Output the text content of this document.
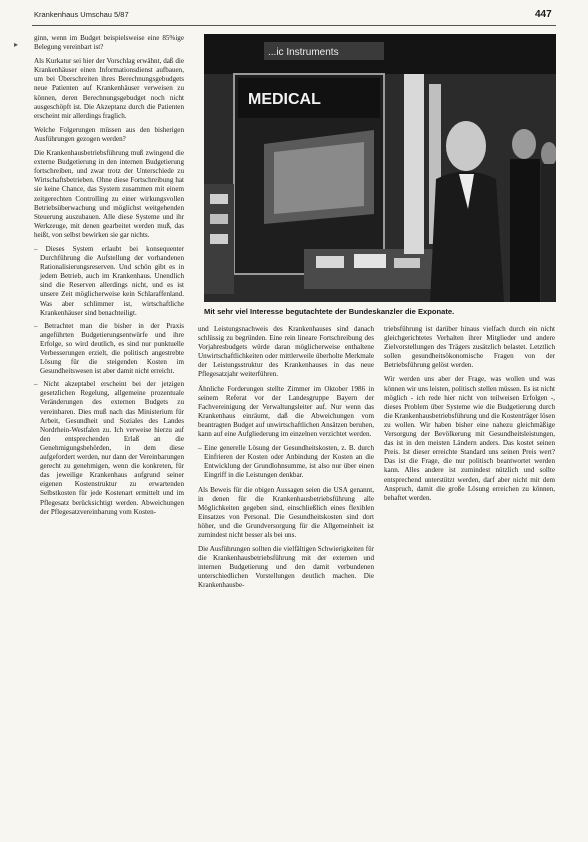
▸
Krankenhaus Umschau 5/87	447

ginn, wenn im Budget beispielsweise eine 85%ige Belegung vereinbart ist?

Als Kurkatur sei hier der Vorschlag erwähnt, daß die Krankenhäuser einen Informationsdienst aufbauen, um bei Überschreiten ihres Berechnungsgebudgets neue Patienten auf Krankenhäuser verweisen zu können, deren Berechnungsgebudget noch nicht ausgeschöpft ist. Die Akzeptanz durch die Patienten erscheint mir allerdings fraglich.

Welche Folgerungen müssen aus den bisherigen Ausführungen gezogen werden?

Die Krankenhausbetriebsführung muß zwingend die externe Budgetierung in den internen Budgetierung fortschreiben, und zwar trotz der Unterschiede zu Wirtschaftsbetrieben. Ohne diese Fortschreibung hat sie keine Chance, das System zusammen mit einem zeitgerechten Controlling zu einer wirkungsvollen Betriebsüberwachung und möglichst weitgehenden Steuerung auszubauen. Alle diese Systeme und ihr Werkzeuge, mit denen gearbeitet werden muß, das heißt, von selbst bewirken sie gar nichts.

– Dieses System erlaubt bei konsequenter Durchführung die Aufstellung der vorhandenen Rationalisierungsreserven. Und schön gibt es in jedem Betrieb, auch im Krankenhaus. Unendlich sind die Reserven allerdings nicht, und es ist unsere Zeit möglicherweise kein Schlaraffenland. Was aber schlimmer ist, wirtschaftliche Krankenhäuser sind benachteiligt.
– Betrachtet man die bisher in der Praxis angeführten Budgetierungsentwürfe und ihre Erfolge, so wird deutlich, es sind nur punktuelle Verbesserungen erzielt, die politisch angestrebte Lösung für die steigenden Kosten im Gesundheitswesen ist aber damit nicht erreicht.
– Nicht akzeptabel erscheint bei der jetzigen gesetzlichen Regelung, allgemeine prozentuale Veränderungen des externen Budgets zu vereinbaren. Dies muß nach das Ministerium für Arbeit, Gesundheit und Soziales des Landes Nordrhein-Westfalen zu. Ich verweise hierzu auf den entsprechenden Erlaß an die Genehmigungsbehörden, in dem diese aufgefordert werden, nur dann der Vereinbarungen gerecht zu genehmigen, wenn die konkreten, für das jeweilige Krankenhaus aufgrund seiner eigenen Kostenstruktur zu erwartenden Selbstkosten für jede Kostenart ermittelt und im Pflegesatz berücksichtigt werden. Abweichungen der Pflegesatzvereinbarung vom Kosten-
...ic Instruments
MEDICAL
Mit sehr viel Interesse begutachtete der Bundeskanzler die Exponate.

und Leistungsnachweis des Krankenhauses sind danach schlüssig zu begründen. Eine rein lineare Fortschreibung des Vorjahresbudgets würde daran möglicherweise enthaltene Unwirtschaftlichkeiten oder mittlerweile überholte Merkmale der Leistungsstruktur des Krankenhauses in das neue Pflegesatzjahr weiterführen.

Ähnliche Forderungen stellte Zimmer im Oktober 1986 in seinem Referat vor der Landesgruppe Bayern der Fachvereinigung der Verwaltungsleiter auf. Nur wenn das Krankenhaus einräumt, daß die Abweichungen vom beantragten Budget auf unwirtschaftlichen Ansätzen beruhen, kann auf eine Aufgliederung im einzelnen verzichtet werden.

– Eine generelle Lösung der Gesundheitskosten, z. B. durch Einfrieren der Kosten oder Anbindung der Kosten an die Entwicklung der Grundlohnsumme, ist also nur über einen Eingriff in die Leistungen denkbar.

Als Beweis für die obigen Aussagen seien die USA genannt, in denen für die Krankenhausbetriebsführung alle Möglichkeiten gegeben sind, einschließlich eines flexiblen Einsatzes von Personal. Die Gesundheitskosten sind dort höher, und die Grundversorgung für die Allgemeinheit ist zumindest nicht besser als bei uns.

Die Ausführungen sollten die vielfältigen Schwierigkeiten für die Krankenhausbetriebsführung mit der externen und internen Budgetierung und den damit verbundenen unterschiedlichen Vorstellungen deutlich machen. Die Krankenhausbe-

triebsführung ist darüber hinaus vielfach durch ein nicht gleichgerichtetes Verhalten ihrer Mitglieder und andere Zielvorstellungen des Trägers zusätzlich belastet. Letztlich sollen gesundheitsökonomische Fragen von der Betriebsführung gelöst werden.

Wir werden uns aber der Frage, was wollen und was können wir uns leisten, politisch stellen müssen. Es ist nicht möglich - ich rede hier nicht von teilweisen Erfolgen -, dieses Problem über Systeme wie die Budgetierung durch die Krankenhausbetriebsführung und die Kostenträger lösen zu wollen. Wir haben bisher eine nahezu gleichmäßige Versorgung der Bevölkerung mit Gesundheitsleistungen, das ist in den meisten Ländern anders. Das kostet seinen Preis. Ist dieser erreichte Standard uns seinen Preis wert? Das ist die Frage, die nur politisch beantwortet werden kann. Alles andere ist zumindest nützlich und sollte entsprechend unterstützt werden, darf aber nicht mit dem Anspruch, damit die große Lösung erreichen zu können, behaftet werden.
